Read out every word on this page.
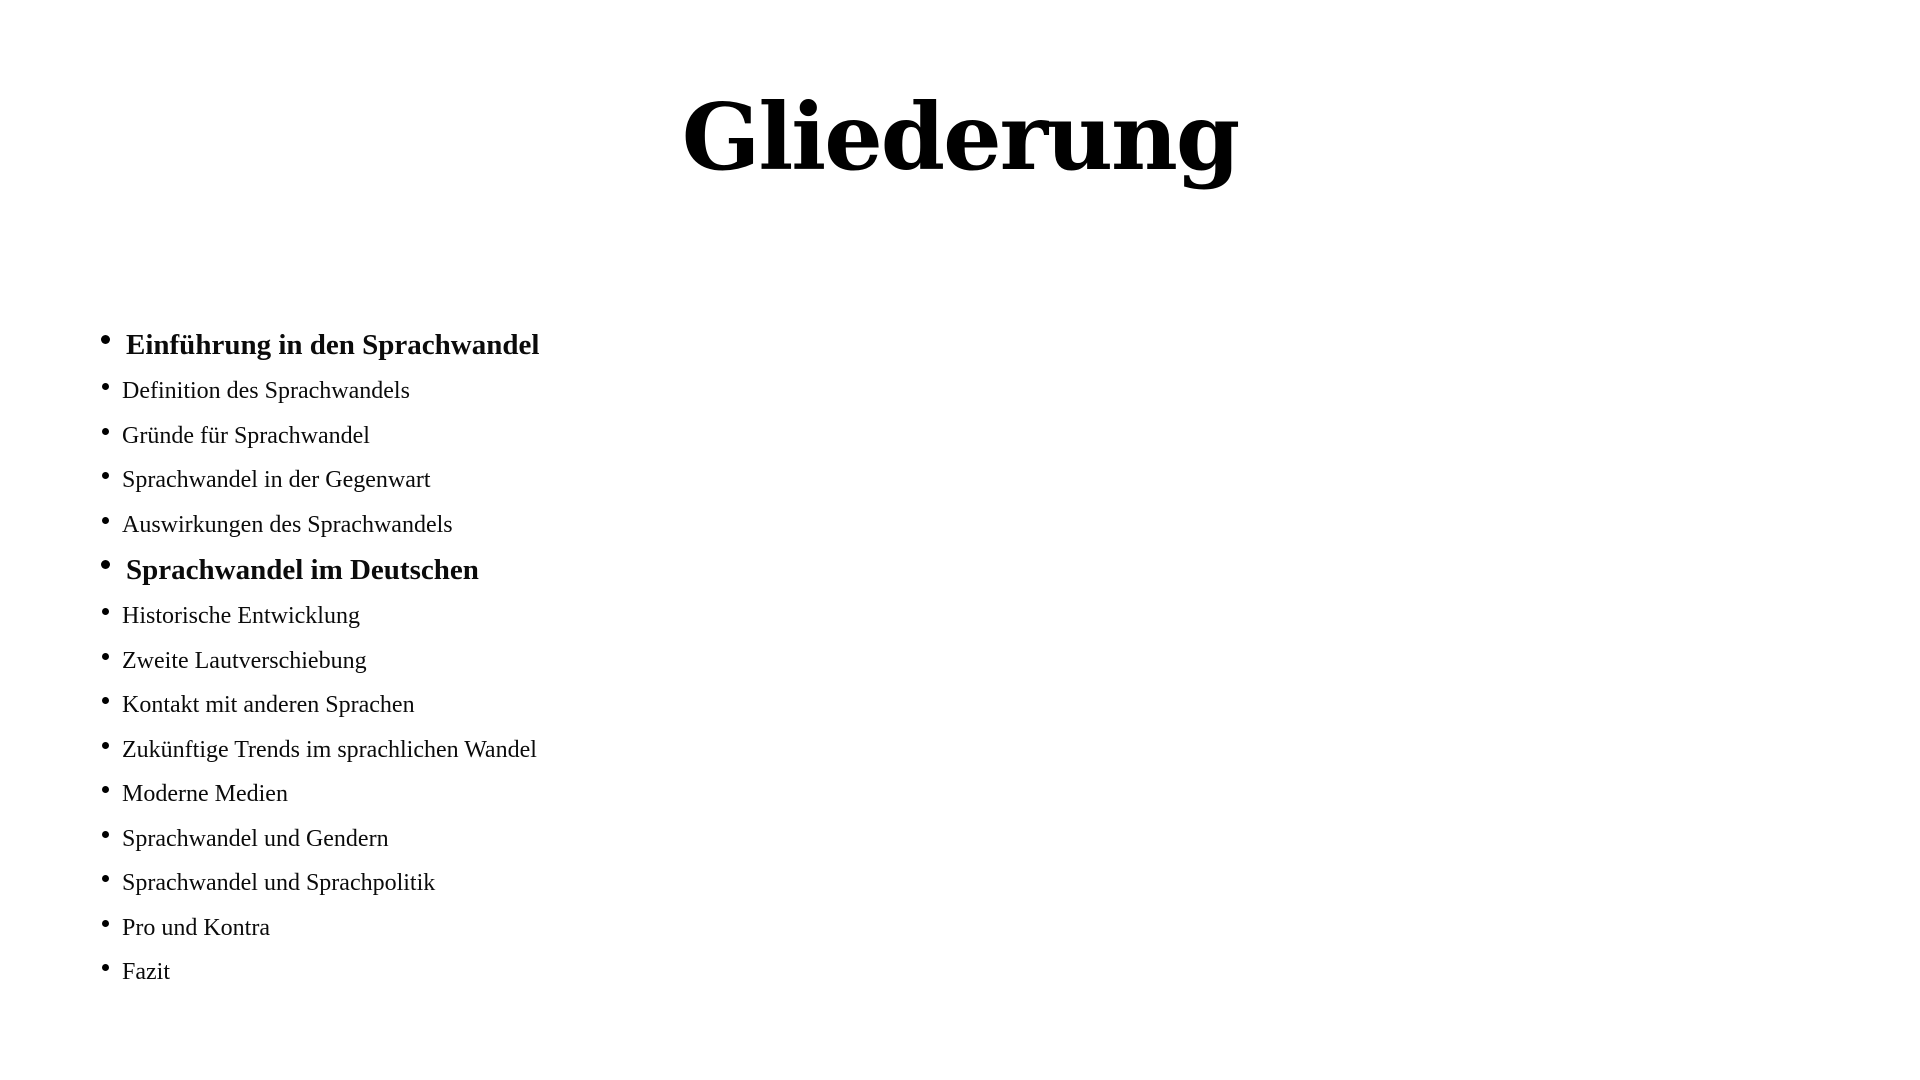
Gliederung
Einführung in den Sprachwandel
Definition des Sprachwandels
Gründe für Sprachwandel
Sprachwandel in der Gegenwart
Auswirkungen des Sprachwandels
Sprachwandel im Deutschen
Historische Entwicklung
Zweite Lautverschiebung
Kontakt mit anderen Sprachen
Zukünftige Trends im sprachlichen Wandel
Moderne Medien
Sprachwandel und Gendern
Sprachwandel und Sprachpolitik
Pro und Kontra
Fazit
